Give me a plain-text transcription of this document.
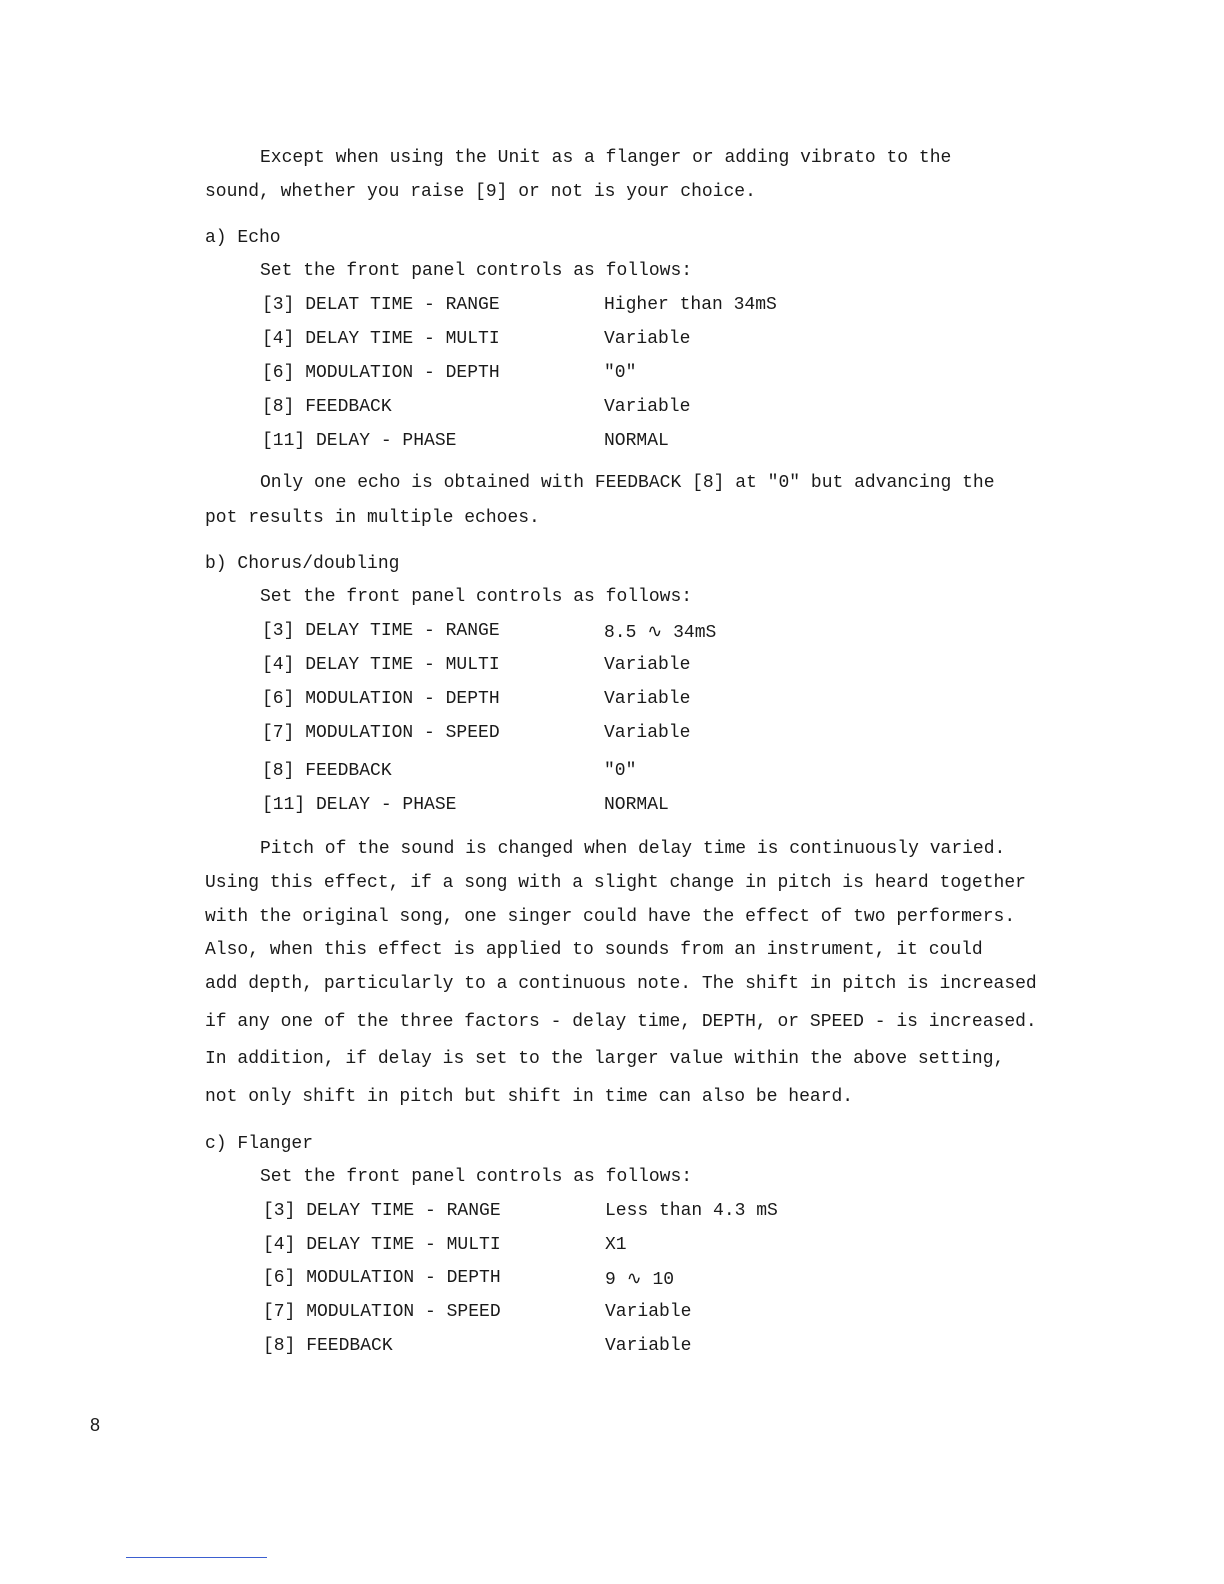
Except when using the Unit as a flanger or adding vibrato to the
sound, whether you raise [9] or not is your choice.
a) Echo
Set the front panel controls as follows:
[3] DELAT TIME - RANGE	Higher than 34mS
[4] DELAY TIME - MULTI	Variable
[6] MODULATION - DEPTH	"0"
[8] FEEDBACK	Variable
[11] DELAY - PHASE	NORMAL
Only one echo is obtained with FEEDBACK [8] at "0" but advancing the
pot results in multiple echoes.
b) Chorus/doubling
Set the front panel controls as follows:
[3] DELAY TIME - RANGE	8.5 ∿ 34mS
[4] DELAY TIME - MULTI	Variable
[6] MODULATION - DEPTH	Variable
[7] MODULATION - SPEED	Variable
[8] FEEDBACK	"0"
[11] DELAY - PHASE	NORMAL
Pitch of the sound is changed when delay time is continuously varied.
Using this effect, if a song with a slight change in pitch is heard together
with the original song, one singer could have the effect of two performers.
Also, when this effect is applied to sounds from an instrument, it could
add depth, particularly to a continuous note. The shift in pitch is increased
if any one of the three factors - delay time, DEPTH, or SPEED - is increased.
In addition, if delay is set to the larger value within the above setting,
not only shift in pitch but shift in time can also be heard.
c) Flanger
Set the front panel controls as follows:
[3] DELAY TIME - RANGE	Less than 4.3 mS
[4] DELAY TIME - MULTI	X1
[6] MODULATION - DEPTH	9 ∿ 10
[7] MODULATION - SPEED	Variable
[8] FEEDBACK	Variable
8
